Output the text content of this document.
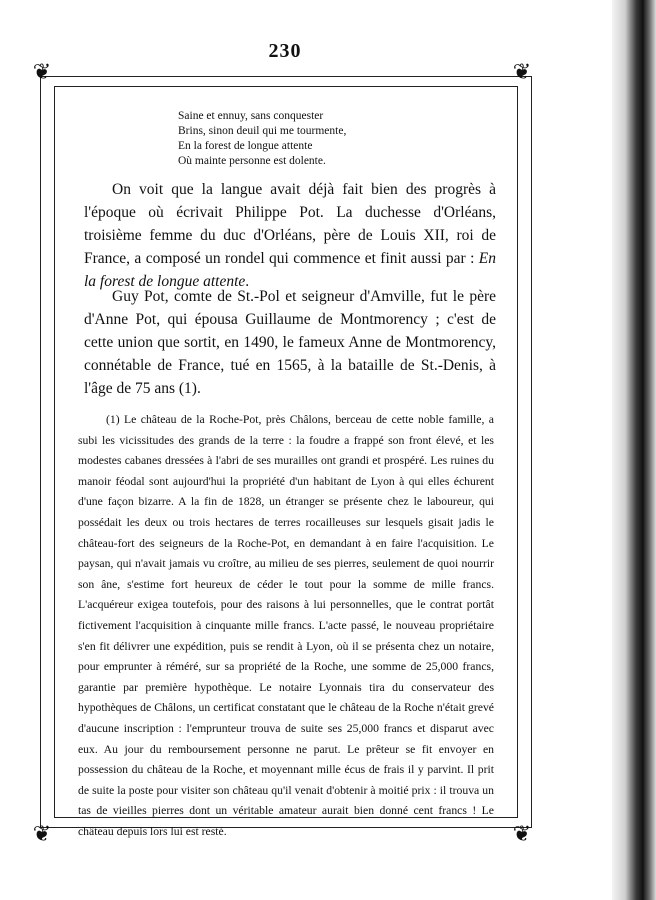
230
❦	❦
❦	❦
Saine et ennuy, sans conquester
Brins, sinon deuil qui me tourmente,
En la forest de longue attente
Où mainte personne est dolente.
On voit que la langue avait déjà fait bien des progrès à l'époque où écrivait Philippe Pot. La duchesse d'Orléans, troisième femme du duc d'Orléans, père de Louis XII, roi de France, a composé un rondel qui commence et finit aussi par : En la forest de longue attente.
Guy Pot, comte de St.-Pol et seigneur d'Amville, fut le père d'Anne Pot, qui épousa Guillaume de Montmorency ; c'est de cette union que sortit, en 1490, le fameux Anne de Montmorency, connétable de France, tué en 1565, à la bataille de St.-Denis, à l'âge de 75 ans (1).
(1) Le château de la Roche-Pot, près Châlons, berceau de cette noble famille, a subi les vicissitudes des grands de la terre : la foudre a frappé son front élevé, et les modestes cabanes dressées à l'abri de ses murailles ont grandi et prospéré. Les ruines du manoir féodal sont aujourd'hui la propriété d'un habitant de Lyon à qui elles échurent d'une façon bizarre. A la fin de 1828, un étranger se présente chez le laboureur, qui possédait les deux ou trois hectares de terres rocailleuses sur lesquels gisait jadis le château-fort des seigneurs de la Roche-Pot, en demandant à en faire l'acquisition. Le paysan, qui n'avait jamais vu croître, au milieu de ses pierres, seulement de quoi nourrir son âne, s'estime fort heureux de céder le tout pour la somme de mille francs. L'acquéreur exigea toutefois, pour des raisons à lui personnelles, que le contrat portât fictivement l'acquisition à cinquante mille francs. L'acte passé, le nouveau propriétaire s'en fit délivrer une expédition, puis se rendit à Lyon, où il se présenta chez un notaire, pour emprunter à réméré, sur sa propriété de la Roche, une somme de 25,000 francs, garantie par première hypothèque. Le notaire Lyonnais tira du conservateur des hypothèques de Châlons, un certificat constatant que le château de la Roche n'était grevé d'aucune inscription : l'emprunteur trouva de suite ses 25,000 francs et disparut avec eux. Au jour du remboursement personne ne parut. Le prêteur se fit envoyer en possession du château de la Roche, et moyennant mille écus de frais il y parvint. Il prit de suite la poste pour visiter son château qu'il venait d'obtenir à moitié prix : il trouva un tas de vieilles pierres dont un véritable amateur aurait bien donné cent francs ! Le château depuis lors lui est resté.
